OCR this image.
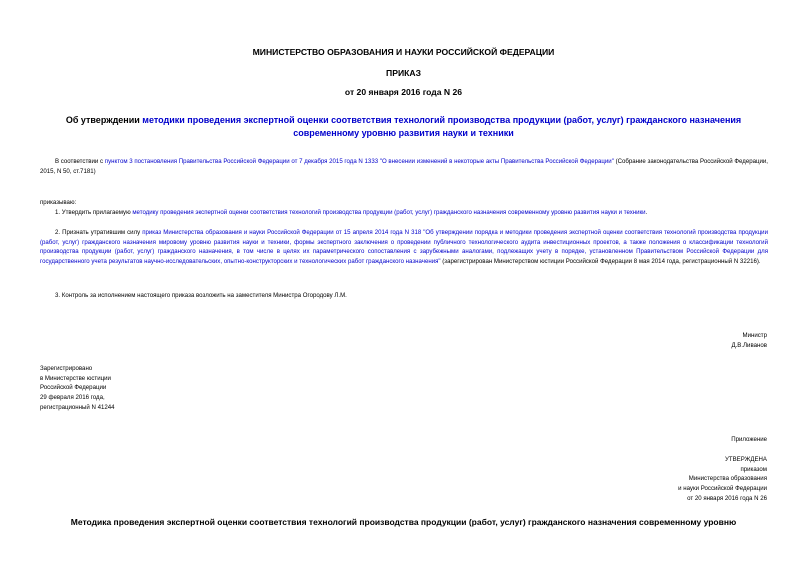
МИНИСТЕРСТВО ОБРАЗОВАНИЯ И НАУКИ РОССИЙСКОЙ ФЕДЕРАЦИИ
ПРИКАЗ
от 20 января 2016 года N 26
Об утверждении методики проведения экспертной оценки соответствия технологий производства продукции (работ, услуг) гражданского назначения современному уровню развития науки и техники
В соответствии с пунктом 3 постановления Правительства Российской Федерации от 7 декабря 2015 года N 1333 "О внесении изменений в некоторые акты Правительства Российской Федерации" (Собрание законодательства Российской Федерации, 2015, N 50, ст.7181)
приказываю:
1. Утвердить прилагаемую методику проведения экспертной оценки соответствия технологий производства продукции (работ, услуг) гражданского назначения современному уровню развития науки и техники.
2. Признать утратившим силу приказ Министерства образования и науки Российской Федерации от 15 апреля 2014 года N 318 "Об утверждении порядка и методики проведения экспертной оценки соответствия технологий производства продукции (работ, услуг) гражданского назначения мировому уровню развития науки и техники, формы экспертного заключения о проведении публичного технологического аудита инвестиционных проектов, а также положения о классификации технологий производства продукции (работ, услуг) гражданского назначения, в том числе в целях их параметрического сопоставления с зарубежными аналогами, подлежащих учету в порядке, установленном Правительством Российской Федерации для государственного учета результатов научно-исследовательских, опытно-конструкторских и технологических работ гражданского назначения" (зарегистрирован Министерством юстиции Российской Федерации 8 мая 2014 года, регистрационный N 32216).
3. Контроль за исполнением настоящего приказа возложить на заместителя Министра Огородову Л.М.
Министр
Д.В.Ливанов
Зарегистрировано
в Министерстве юстиции
Российской Федерации
29 февраля 2016 года,
регистрационный N 41244
Приложение
УТВЕРЖДЕНА
приказом
Министерства образования
и науки Российской Федерации
от 20 января 2016 года N 26
Методика проведения экспертной оценки соответствия технологий производства продукции (работ, услуг) гражданского назначения современному уровню
